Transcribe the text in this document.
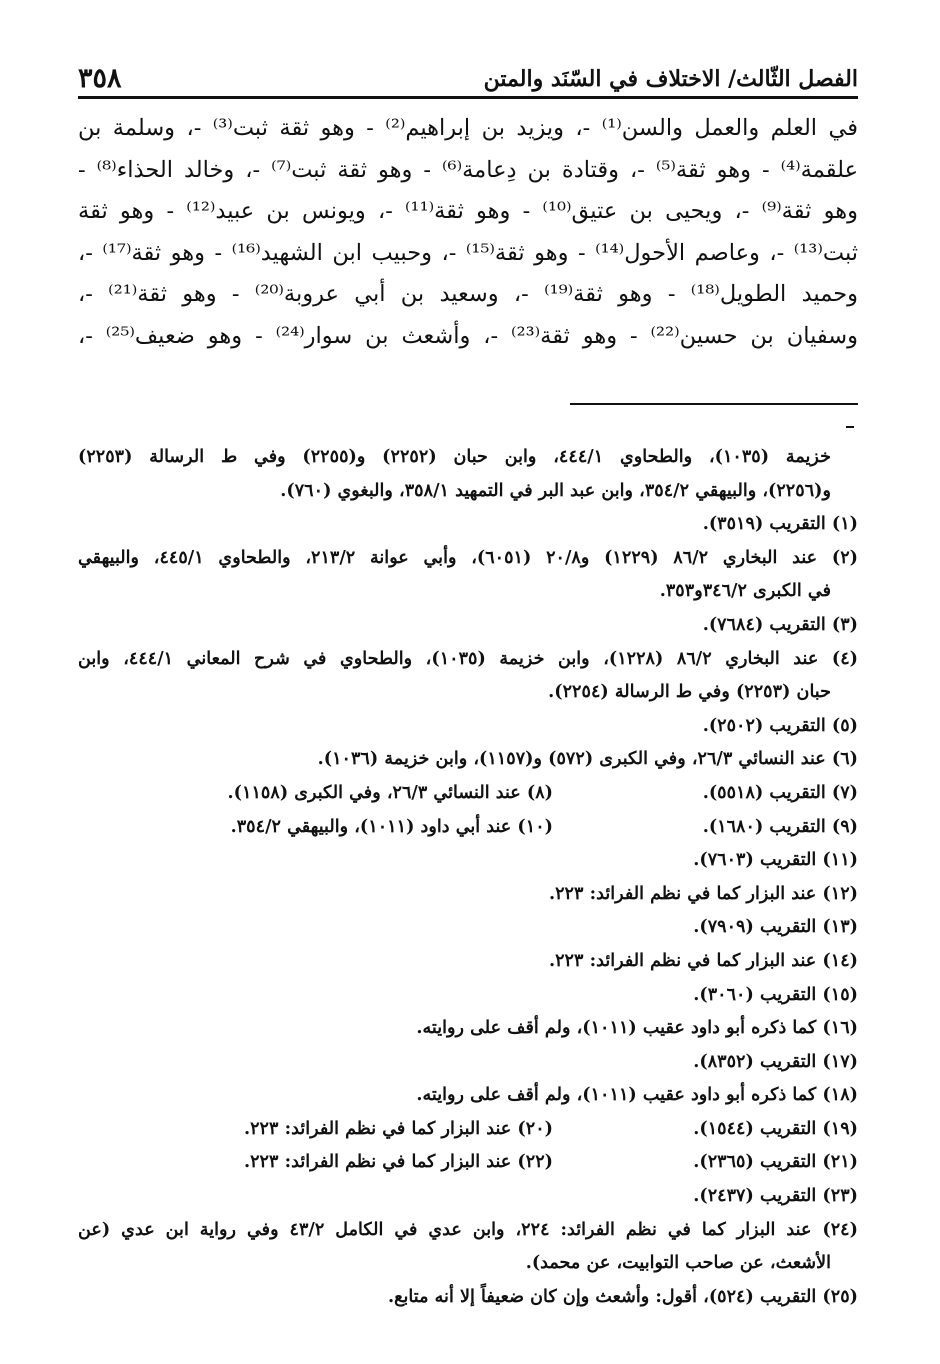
الفصل الثّالث/ الاختلاف في السّنَد والمتن
٣٥٨
في العلم والعمل والسن⁽¹⁾ -، ويزيد بن إبراهيم⁽²⁾ - وهو ثقة ثبت⁽³⁾ -، وسلمة بن
علقمة⁽⁴⁾ - وهو ثقة⁽⁵⁾ -، وقتادة بن دِعامة⁽⁶⁾ - وهو ثقة ثبت⁽⁷⁾ -، وخالد الحذاء⁽⁸⁾ -
وهو ثقة⁽⁹⁾ -، ويحيى بن عتيق⁽¹⁰⁾ - وهو ثقة⁽¹¹⁾ -، ويونس بن عبيد⁽¹²⁾ - وهو ثقة
ثبت⁽¹³⁾ -، وعاصم الأحول⁽¹⁴⁾ - وهو ثقة⁽¹⁵⁾ -، وحبيب ابن الشهيد⁽¹⁶⁾ - وهو ثقة⁽¹⁷⁾ -،
وحميد الطويل⁽¹⁸⁾ - وهو ثقة⁽¹⁹⁾ -، وسعيد بن أبي عروبة⁽²⁰⁾ - وهو ثقة⁽²¹⁾ -،
وسفيان بن حسين⁽²²⁾ - وهو ثقة⁽²³⁾ -، وأشعث بن سوار⁽²⁴⁾ - وهو ضعيف⁽²⁵⁾ -،
خزيمة (١٠٣٥)، والطحاوي ٤٤٤/١، وابن حبان (٢٢٥٢) و(٢٢٥٥) وفي ط الرسالة (٢٢٥٣)
و(٢٢٥٦)، والبيهقي ٣٥٤/٢، وابن عبد البر في التمهيد ٣٥٨/١، والبغوي (٧٦٠).
(١) التقريب (٣٥١٩).
(٢) عند البخاري ٨٦/٢ (١٢٢٩) و٢٠/٨ (٦٠٥١)، وأبي عوانة ٢١٣/٢، والطحاوي ٤٤٥/١، والبيهقي
في الكبرى ٣٤٦/٢و٣٥٣.
(٣) التقريب (٧٦٨٤).
(٤) عند البخاري ٨٦/٢ (١٢٢٨)، وابن خزيمة (١٠٣٥)، والطحاوي في شرح المعاني ٤٤٤/١، وابن
حبان (٢٢٥٣) وفي ط الرسالة (٢٢٥٤).
(٥) التقريب (٢٥٠٢).
(٦) عند النسائي ٢٦/٣، وفي الكبرى (٥٧٢) و(١١٥٧)، وابن خزيمة (١٠٣٦).
(٧) التقريب (٥٥١٨).
(٨) عند النسائي ٢٦/٣، وفي الكبرى (١١٥٨).
(٩) التقريب (١٦٨٠).
(١٠) عند أبي داود (١٠١١)، والبيهقي ٣٥٤/٢.
(١١) التقريب (٧٦٠٣).
(١٢) عند البزار كما في نظم الفرائد: ٢٢٣.
(١٣) التقريب (٧٩٠٩).
(١٤) عند البزار كما في نظم الفرائد: ٢٢٣.
(١٥) التقريب (٣٠٦٠).
(١٦) كما ذكره أبو داود عقيب (١٠١١)، ولم أقف على روايته.
(١٧) التقريب (٨٣٥٢).
(١٨) كما ذكره أبو داود عقيب (١٠١١)، ولم أقف على روايته.
(١٩) التقريب (١٥٤٤).
(٢٠) عند البزار كما في نظم الفرائد: ٢٢٣.
(٢١) التقريب (٢٣٦٥).
(٢٢) عند البزار كما في نظم الفرائد: ٢٢٣.
(٢٣) التقريب (٢٤٣٧).
(٢٤) عند البزار كما في نظم الفرائد: ٢٢٤، وابن عدي في الكامل ٤٣/٢ وفي رواية ابن عدي (عن
الأشعث، عن صاحب التوابيت، عن محمد).
(٢٥) التقريب (٥٢٤)، أقول: وأشعث وإن كان ضعيفاً إلا أنه متابع.
